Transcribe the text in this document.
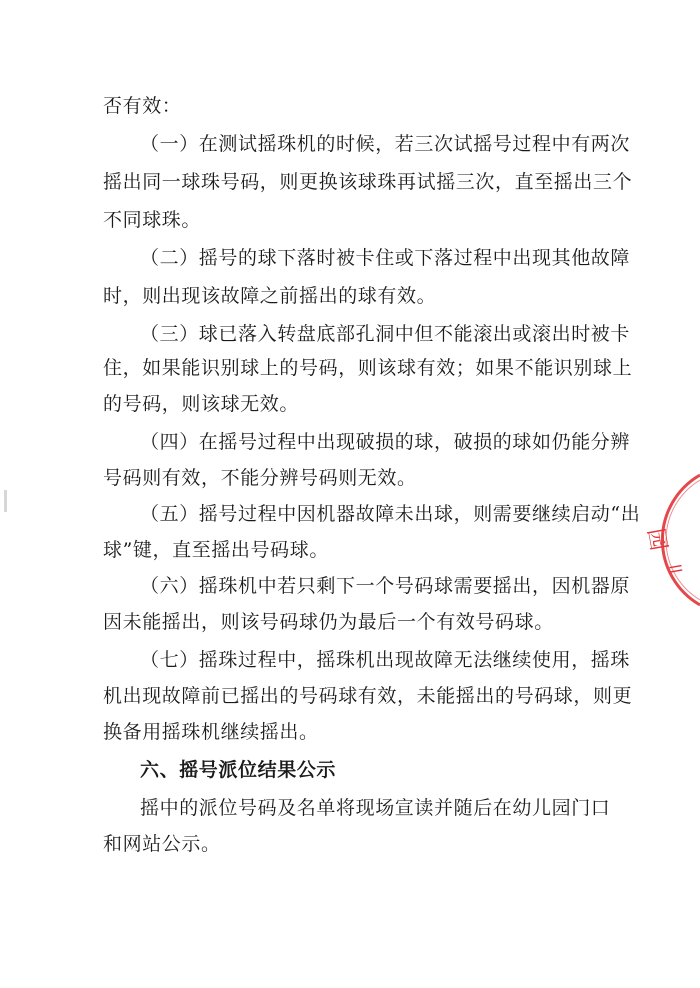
否有效：
（一）在测试摇珠机的时候，若三次试摇号过程中有两次
摇出同一球珠号码，则更换该球珠再试摇三次，直至摇出三个
不同球珠。
（二）摇号的球下落时被卡住或下落过程中出现其他故障
时，则出现该故障之前摇出的球有效。
（三）球已落入转盘底部孔洞中但不能滚出或滚出时被卡
住，如果能识别球上的号码，则该球有效；如果不能识别球上
的号码，则该球无效。
（四）在摇号过程中出现破损的球，破损的球如仍能分辨
号码则有效，不能分辨号码则无效。
（五）摇号过程中因机器故障未出球，则需要继续启动“出
球”键，直至摇出号码球。
（六）摇珠机中若只剩下一个号码球需要摇出，因机器原
因未能摇出，则该号码球仍为最后一个有效号码球。
（七）摇珠过程中，摇珠机出现故障无法继续使用，摇珠
机出现故障前已摇出的号码球有效，未能摇出的号码球，则更
换备用摇珠机继续摇出。
六、摇号派位结果公示
摇中的派位号码及名单将现场宣读并随后在幼儿园门口
和网站公示。
园
ll
